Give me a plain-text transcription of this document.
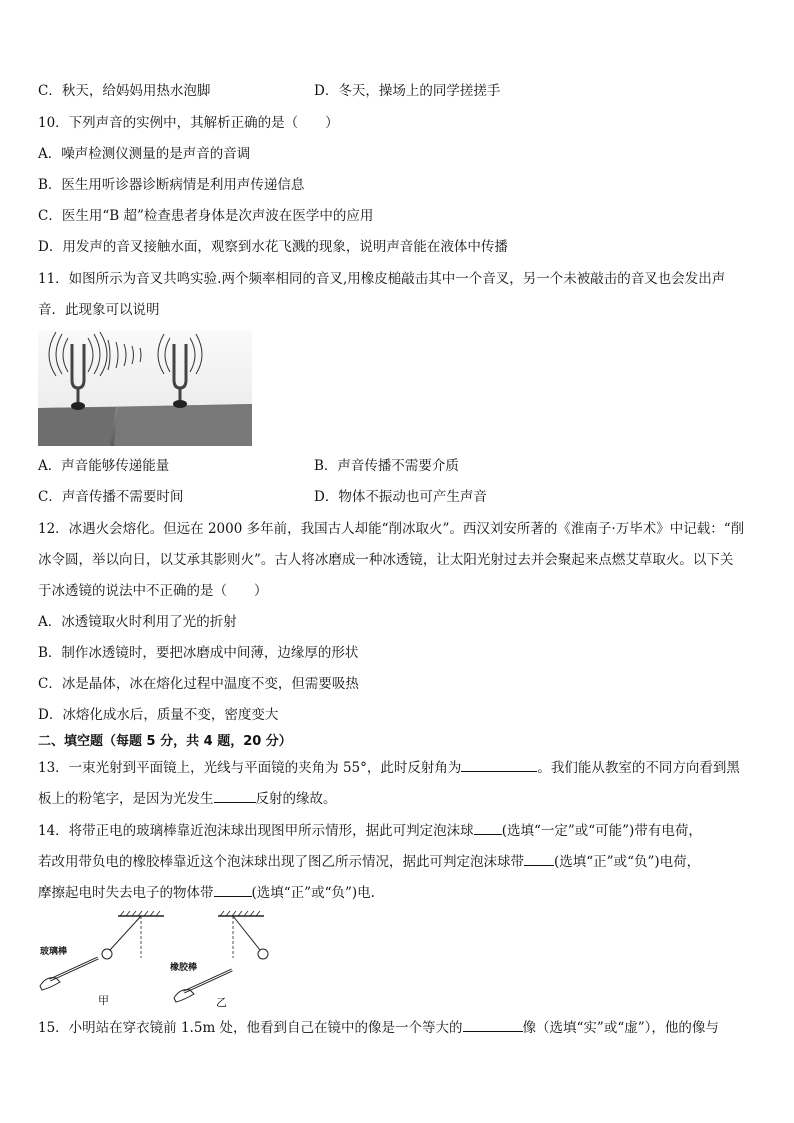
C．秋天，给妈妈用热水泡脚	D．冬天，操场上的同学搓搓手
10．下列声音的实例中，其解析正确的是（　　）
A．噪声检测仪测量的是声音的音调
B．医生用听诊器诊断病情是利用声传递信息
C．医生用“B 超”检查患者身体是次声波在医学中的应用
D．用发声的音叉接触水面，观察到水花飞溅的现象，说明声音能在液体中传播
11．如图所示为音叉共鸣实验.两个频率相同的音叉,用橡皮槌敲击其中一个音叉，另一个未被敲击的音叉也会发出声
音．此现象可以说明
A．声音能够传递能量	B．声音传播不需要介质
C．声音传播不需要时间	D．物体不振动也可产生声音
12．冰遇火会熔化。但远在 2000 多年前，我国古人却能“削冰取火”。西汉刘安所著的《淮南子·万毕术》中记载：“削
冰令圆，举以向日，以艾承其影则火”。古人将冰磨成一种冰透镜，让太阳光射过去并会聚起来点燃艾草取火。以下关
于冰透镜的说法中不正确的是（　　）
A．冰透镜取火时利用了光的折射
B．制作冰透镜时，要把冰磨成中间薄，边缘厚的形状
C．冰是晶体，冰在熔化过程中温度不变，但需要吸热
D．冰熔化成水后，质量不变，密度变大
二、填空题（每题 5 分，共 4 题，20 分）
13．一束光射到平面镜上，光线与平面镜的夹角为 55°，此时反射角为	。我们能从教室的不同方向看到黑
板上的粉笔字，是因为光发生	反射的缘故。
14．将带正电的玻璃棒靠近泡沫球出现图甲所示情形，据此可判定泡沫球 (选填“一定”或“可能”)带有电荷，
若改用带负电的橡胶棒靠近这个泡沫球出现了图乙所示情况，据此可判定泡沫球带 (选填“正”或“负”)电荷，
摩擦起电时失去电子的物体带	(选填“正”或“负”)电.
玻璃棒
甲
橡胶棒
乙
15．小明站在穿衣镜前 1.5m 处，他看到自己在镜中的像是一个等大的	像（选填“实”或“虚”），他的像与
